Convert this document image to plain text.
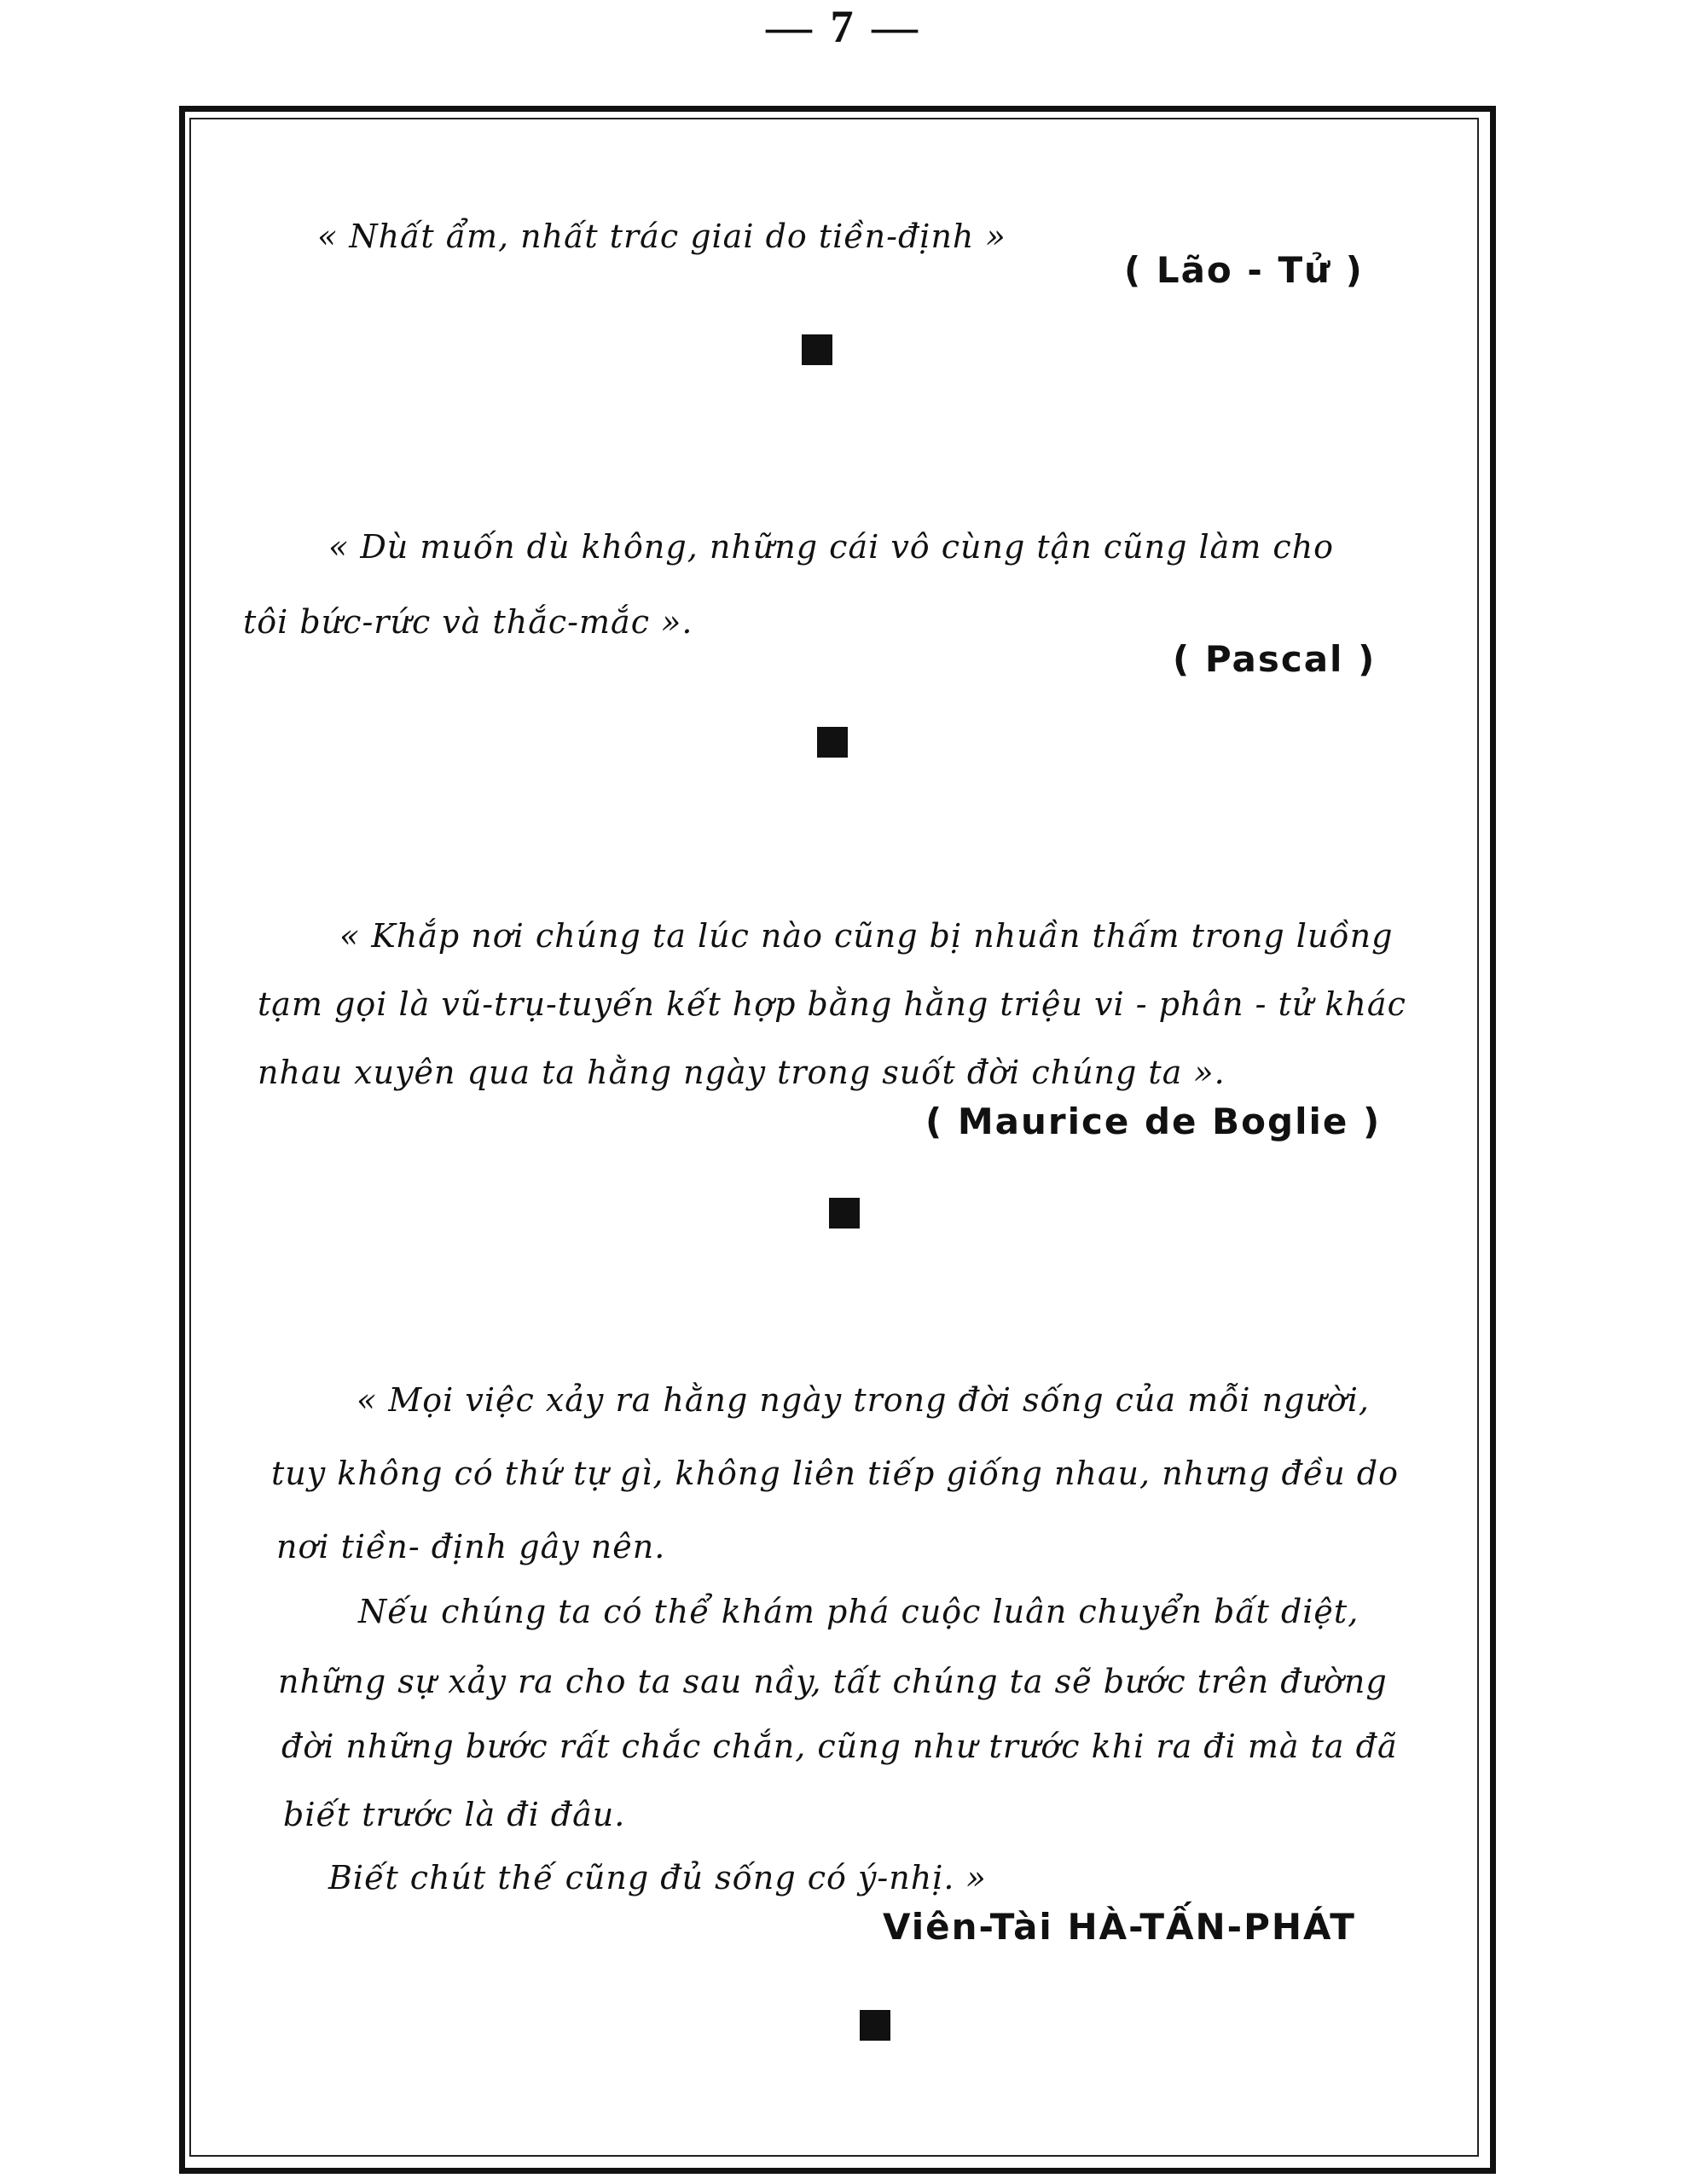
— 7 —
« Nhất ẩm, nhất trác giai do tiền-định »
( Lão - Tử )
« Dù muốn dù không, những cái vô cùng tận cũng làm cho
tôi bức-rức và thắc-mắc ».
( Pascal )
« Khắp nơi chúng ta lúc nào cũng bị nhuần thấm trong luồng
tạm gọi là vũ-trụ-tuyến kết hợp bằng hằng triệu vi - phân - tử khác
nhau xuyên qua ta hằng ngày trong suốt đời chúng ta ».
( Maurice de Boglie )
« Mọi việc xảy ra hằng ngày trong đời sống của mỗi người,
tuy không có thứ tự gì, không liên tiếp giống nhau, nhưng đều do
nơi tiền- định gây nên.
Nếu chúng ta có thể khám phá cuộc luân chuyển bất diệt,
những sự xảy ra cho ta sau nầy, tất chúng ta sẽ bước trên đường
đời những bước rất chắc chắn, cũng như trước khi ra đi mà ta đã
biết trước là đi đâu.
Biết chút thế cũng đủ sống có ý-nhị. »
Viên-Tài HÀ-TẤN-PHÁT
